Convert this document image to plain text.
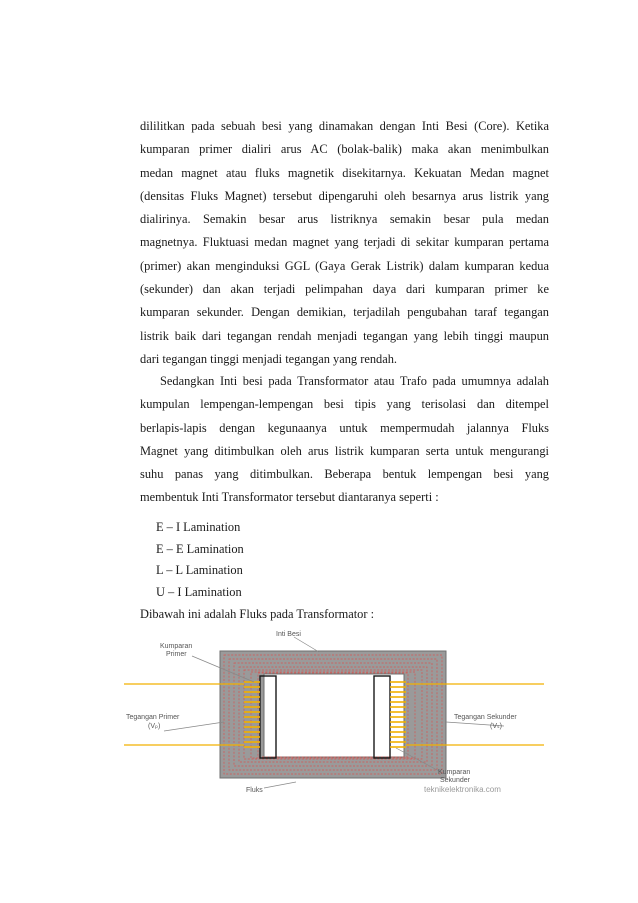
dililitkan pada sebuah besi yang dinamakan dengan Inti Besi (Core). Ketika
kumparan primer dialiri arus AC (bolak-balik) maka akan menimbulkan
medan magnet atau fluks magnetik disekitarnya. Kekuatan Medan magnet
(densitas Fluks Magnet) tersebut dipengaruhi oleh besarnya arus listrik yang
dialirinya. Semakin besar arus listriknya semakin besar pula medan
magnetnya. Fluktuasi medan magnet yang terjadi di sekitar kumparan pertama
(primer) akan menginduksi GGL (Gaya Gerak Listrik) dalam kumparan kedua
(sekunder) dan akan terjadi pelimpahan daya dari kumparan primer ke
kumparan sekunder. Dengan demikian, terjadilah pengubahan taraf tegangan
listrik baik dari tegangan rendah menjadi tegangan yang lebih tinggi maupun
dari tegangan tinggi menjadi tegangan yang rendah.
Sedangkan Inti besi pada Transformator atau Trafo pada umumnya adalah
kumpulan lempengan-lempengan besi tipis yang terisolasi dan ditempel
berlapis-lapis dengan kegunaanya untuk mempermudah jalannya Fluks
Magnet yang ditimbulkan oleh arus listrik kumparan serta untuk mengurangi
suhu panas yang ditimbulkan. Beberapa bentuk lempengan besi yang
membentuk Inti Transformator tersebut diantaranya seperti :
E – I Lamination
E – E Lamination
L – L Lamination
U – I Lamination
Dibawah ini adalah Fluks pada Transformator :
Inti Besi
Kumparan
Primer
Tegangan Primer
(Vₚ)
Tegangan Sekunder
(Vₛ)
Kumparan
Sekunder
Fluks	teknikelektronika.com
